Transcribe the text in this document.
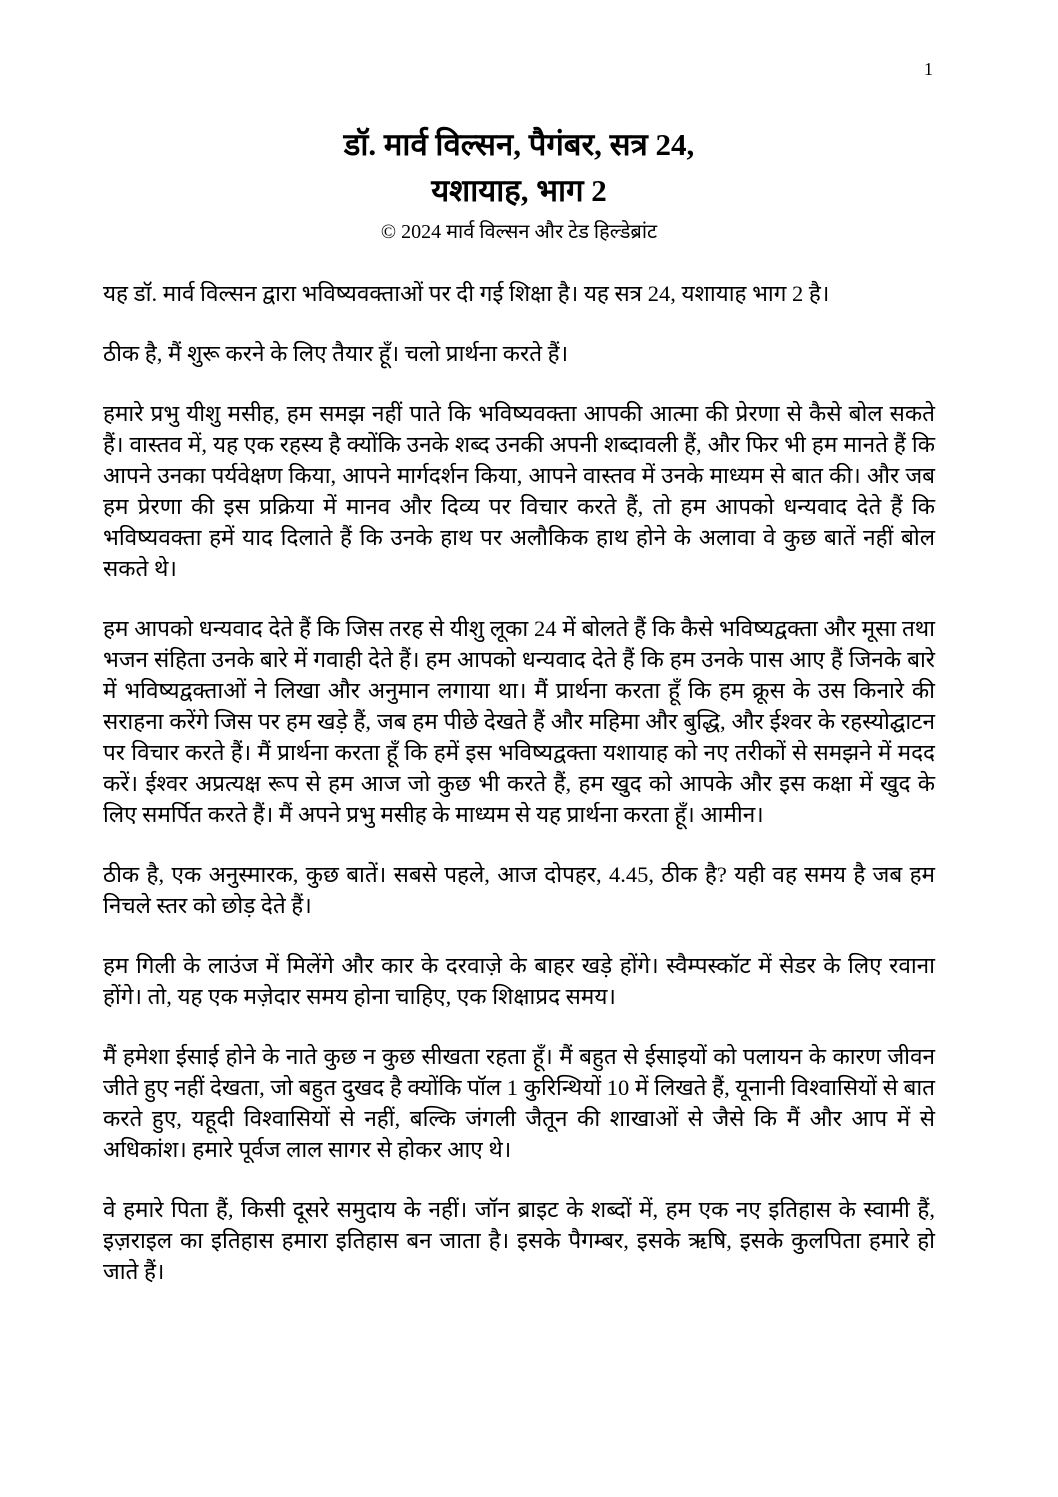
1
डॉ. मार्व विल्सन, पैगंबर, सत्र 24,
यशायाह, भाग 2
© 2024 मार्व विल्सन और टेड हिल्डेब्रांट

यह डॉ. मार्व विल्सन द्वारा भविष्यवक्ताओं पर दी गई शिक्षा है। यह सत्र 24, यशायाह भाग 2 है।

ठीक है, मैं शुरू करने के लिए तैयार हूँ। चलो प्रार्थना करते हैं।

हमारे प्रभु यीशु मसीह, हम समझ नहीं पाते कि भविष्यवक्ता आपकी आत्मा की प्रेरणा से कैसे बोल सकते हैं। वास्तव में, यह एक रहस्य है क्योंकि उनके शब्द उनकी अपनी शब्दावली हैं, और फिर भी हम मानते हैं कि आपने उनका पर्यवेक्षण किया, आपने मार्गदर्शन किया, आपने वास्तव में उनके माध्यम से बात की। और जब हम प्रेरणा की इस प्रक्रिया में मानव और दिव्य पर विचार करते हैं, तो हम आपको धन्यवाद देते हैं कि भविष्यवक्ता हमें याद दिलाते हैं कि उनके हाथ पर अलौकिक हाथ होने के अलावा वे कुछ बातें नहीं बोल सकते थे।

हम आपको धन्यवाद देते हैं कि जिस तरह से यीशु लूका 24 में बोलते हैं कि कैसे भविष्यद्वक्ता और मूसा तथा भजन संहिता उनके बारे में गवाही देते हैं। हम आपको धन्यवाद देते हैं कि हम उनके पास आए हैं जिनके बारे में भविष्यद्वक्ताओं ने लिखा और अनुमान लगाया था। मैं प्रार्थना करता हूँ कि हम क्रूस के उस किनारे की सराहना करेंगे जिस पर हम खड़े हैं, जब हम पीछे देखते हैं और महिमा और बुद्धि, और ईश्वर के रहस्योद्घाटन पर विचार करते हैं। मैं प्रार्थना करता हूँ कि हमें इस भविष्यद्वक्ता यशायाह को नए तरीकों से समझने में मदद करें। ईश्वर अप्रत्यक्ष रूप से हम आज जो कुछ भी करते हैं, हम खुद को आपके और इस कक्षा में खुद के लिए समर्पित करते हैं। मैं अपने प्रभु मसीह के माध्यम से यह प्रार्थना करता हूँ। आमीन।

ठीक है, एक अनुस्मारक, कुछ बातें। सबसे पहले, आज दोपहर, 4.45, ठीक है? यही वह समय है जब हम निचले स्तर को छोड़ देते हैं।

हम गिली के लाउंज में मिलेंगे और कार के दरवाज़े के बाहर खड़े होंगे। स्वैम्पस्कॉट में सेडर के लिए रवाना होंगे। तो, यह एक मज़ेदार समय होना चाहिए, एक शिक्षाप्रद समय।

मैं हमेशा ईसाई होने के नाते कुछ न कुछ सीखता रहता हूँ। मैं बहुत से ईसाइयों को पलायन के कारण जीवन जीते हुए नहीं देखता, जो बहुत दुखद है क्योंकि पॉल 1 कुरिन्थियों 10 में लिखते हैं, यूनानी विश्वासियों से बात करते हुए, यहूदी विश्वासियों से नहीं, बल्कि जंगली जैतून की शाखाओं से जैसे कि मैं और आप में से अधिकांश। हमारे पूर्वज लाल सागर से होकर आए थे।

वे हमारे पिता हैं, किसी दूसरे समुदाय के नहीं। जॉन ब्राइट के शब्दों में, हम एक नए इतिहास के स्वामी हैं, इज़राइल का इतिहास हमारा इतिहास बन जाता है। इसके पैगम्बर, इसके ऋषि, इसके कुलपिता हमारे हो जाते हैं।
